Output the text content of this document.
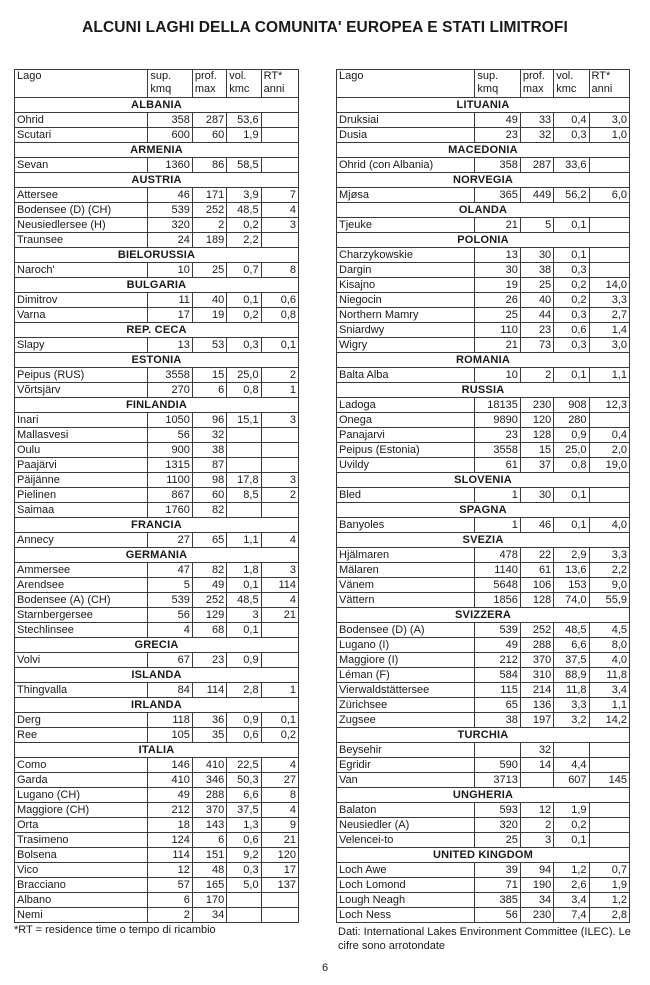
ALCUNI LAGHI DELLA COMUNITA' EUROPEA E STATI LIMITROFI
Lago	sup. kmq	prof. max	vol. kmc	RT* anni
ALBANIA				
Ohrid	358	287	53,6	
Scutari	600	60	1,9	
ARMENIA				
Sevan	1360	86	58,5	
AUSTRIA				
Attersee	46	171	3,9	7
Bodensee (D) (CH)	539	252	48,5	4
Neusiedlersee (H)	320	2	0,2	3
Traunsee	24	189	2,2	
BIELORUSSIA				
Naroch'	10	25	0,7	8
BULGARIA				
Dimitrov	11	40	0,1	0,6
Varna	17	19	0,2	0,8
REP. CECA				
Slapy	13	53	0,3	0,1
ESTONIA				
Peipus (RUS)	3558	15	25,0	2
Võrtsjärv	270	6	0,8	1
FINLANDIA				
Inari	1050	96	15,1	3
Mallasvesi	56	32		
Oulu	900	38		
Paajärvi	1315	87		
Päijänne	1100	98	17,8	3
Pielinen	867	60	8,5	2
Saimaa	1760	82		
FRANCIA				
Annecy	27	65	1,1	4
GERMANIA				
Ammersee	47	82	1,8	3
Arendsee	5	49	0,1	114
Bodensee (A) (CH)	539	252	48,5	4
Starnbergersee	56	129	3	21
Stechlinsee	4	68	0,1	
GRECIA				
Volvi	67	23	0,9	
ISLANDA				
Thingvalla	84	114	2,8	1
IRLANDA				
Derg	118	36	0,9	0,1
Ree	105	35	0,6	0,2
ITALIA				
Como	146	410	22,5	4
Garda	410	346	50,3	27
Lugano (CH)	49	288	6,6	8
Maggiore (CH)	212	370	37,5	4
Orta	18	143	1,3	9
Trasimeno	124	6	0,6	21
Bolsena	114	151	9,2	120
Vico	12	48	0,3	17
Bracciano	57	165	5,0	137
Albano	6	170		
Nemi	2	34		
Lago	sup. kmq	prof. max	vol. kmc	RT* anni
LITUANIA				
Druksiai	49	33	0,4	3,0
Dusia	23	32	0,3	1,0
MACEDONIA				
Ohrid (con Albania)	358	287	33,6	
NORVEGIA				
Mjøsa	365	449	56,2	6,0
OLANDA				
Tjeuke	21	5	0,1	
POLONIA				
Charzykowskie	13	30	0,1	
Dargin	30	38	0,3	
Kisajno	19	25	0,2	14,0
Niegocin	26	40	0,2	3,3
Northern Mamry	25	44	0,3	2,7
Sniardwy	110	23	0,6	1,4
Wigry	21	73	0,3	3,0
ROMANIA				
Balta Alba	10	2	0,1	1,1
RUSSIA				
Ladoga	18135	230	908	12,3
Onega	9890	120	280	
Panajarvi	23	128	0,9	0,4
Peipus (Estonia)	3558	15	25,0	2,0
Uvildy	61	37	0,8	19,0
SLOVENIA				
Bled	1	30	0,1	
SPAGNA				
Banyoles	1	46	0,1	4,0
SVEZIA				
Hjälmaren	478	22	2,9	3,3
Mälaren	1140	61	13,6	2,2
Vänem	5648	106	153	9,0
Vättern	1856	128	74,0	55,9
SVIZZERA				
Bodensee (D) (A)	539	252	48,5	4,5
Lugano (I)	49	288	6,6	8,0
Maggiore (I)	212	370	37,5	4,0
Léman (F)	584	310	88,9	11,8
Vierwaldstättersee	115	214	11,8	3,4
Zürichsee	65	136	3,3	1,1
Zugsee	38	197	3,2	14,2
TURCHIA				
Beysehir		32		
Egridir	590	14	4,4	
Van	3713		607	145
UNGHERIA				
Balaton	593	12	1,9	
Neusiedler (A)	320	2	0,2	
Velencei-to	25	3	0,1	
UNITED KINGDOM				
Loch Awe	39	94	1,2	0,7
Loch Lomond	71	190	2,6	1,9
Lough Neagh	385	34	3,4	1,2
Loch Ness	56	230	7,4	2,8
*RT = residence time o tempo di ricambio	Dati: International Lakes Environment Committee (ILEC). Le cifre sono arrotondate
6
